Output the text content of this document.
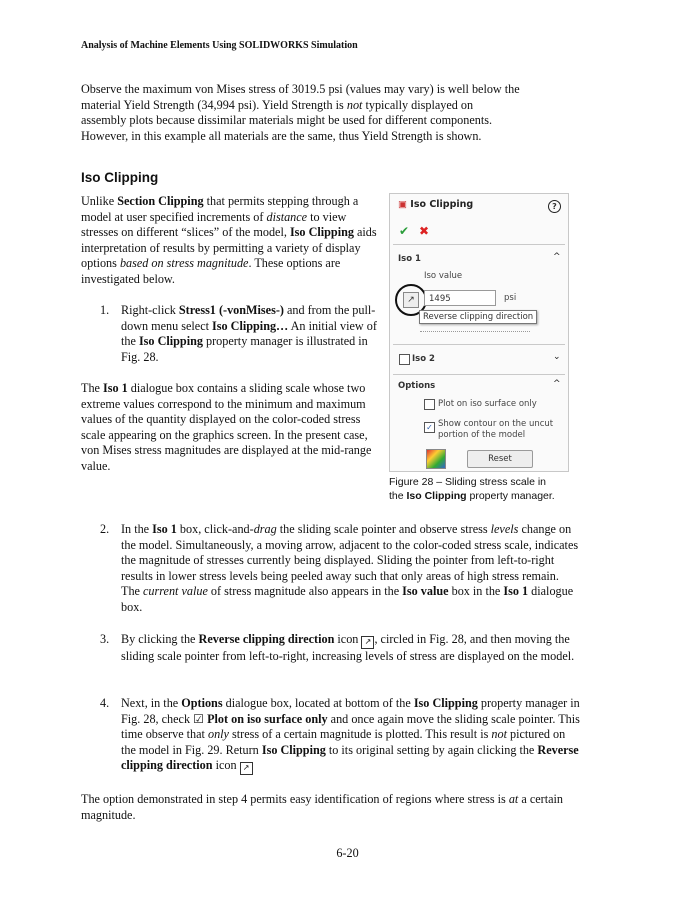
Analysis of Machine Elements Using SOLIDWORKS Simulation

Observe the maximum von Mises stress of 3019.5 psi (values may vary) is well below the
material Yield Strength (34,994 psi). Yield Strength is not typically displayed on
assembly plots because dissimilar materials might be used for different components.
However, in this example all materials are the same, thus Yield Strength is shown.

Iso Clipping

Unlike Section Clipping that permits stepping through a model at user specified increments of distance to view stresses on different “slices” of the model, Iso Clipping aids interpretation of results by permitting a variety of display options based on stress magnitude. These options are investigated below.

1. Right-click Stress1 (-vonMises-) and from the pull-down menu select Iso Clipping… An initial view of the Iso Clipping property manager is illustrated in Fig. 28.

The Iso 1 dialogue box contains a sliding scale whose two extreme values correspond to the minimum and maximum values of the quantity displayed on the color-coded stress scale appearing on the graphics screen. In the present case, von Mises stress magnitudes are displayed at the mid-range value.

▣ Iso Clipping	?
✔ ✖
Iso 1	^
Iso value
↗	1495	psi
Reverse clipping direction
Iso 2	⌄
Options	^
Plot on iso surface only
✓ Show contour on the uncut
portion of the model
Reset
Figure 28 – Sliding stress scale in
the Iso Clipping property manager.
2. In the Iso 1 box, click-and-drag the sliding scale pointer and observe stress levels change on the model. Simultaneously, a moving arrow, adjacent to the color-coded stress scale, indicates the magnitude of stresses currently being displayed. Sliding the pointer from left-to-right results in lower stress levels being peeled away such that only areas of high stress remain. The current value of stress magnitude also appears in the Iso value box in the Iso 1 dialogue box.
3. By clicking the Reverse clipping direction icon ↗ , circled in Fig. 28, and then moving the sliding scale pointer from left-to-right, increasing levels of stress are displayed on the model.
4. Next, in the Options dialogue box, located at bottom of the Iso Clipping property manager in Fig. 28, check ☑ Plot on iso surface only and once again move the sliding scale pointer. This time observe that only stress of a certain magnitude is plotted. This result is not pictured on the model in Fig. 29. Return Iso Clipping to its original setting by again clicking the Reverse clipping direction icon ↗

The option demonstrated in step 4 permits easy identification of regions where stress is at a certain magnitude.

6-20
